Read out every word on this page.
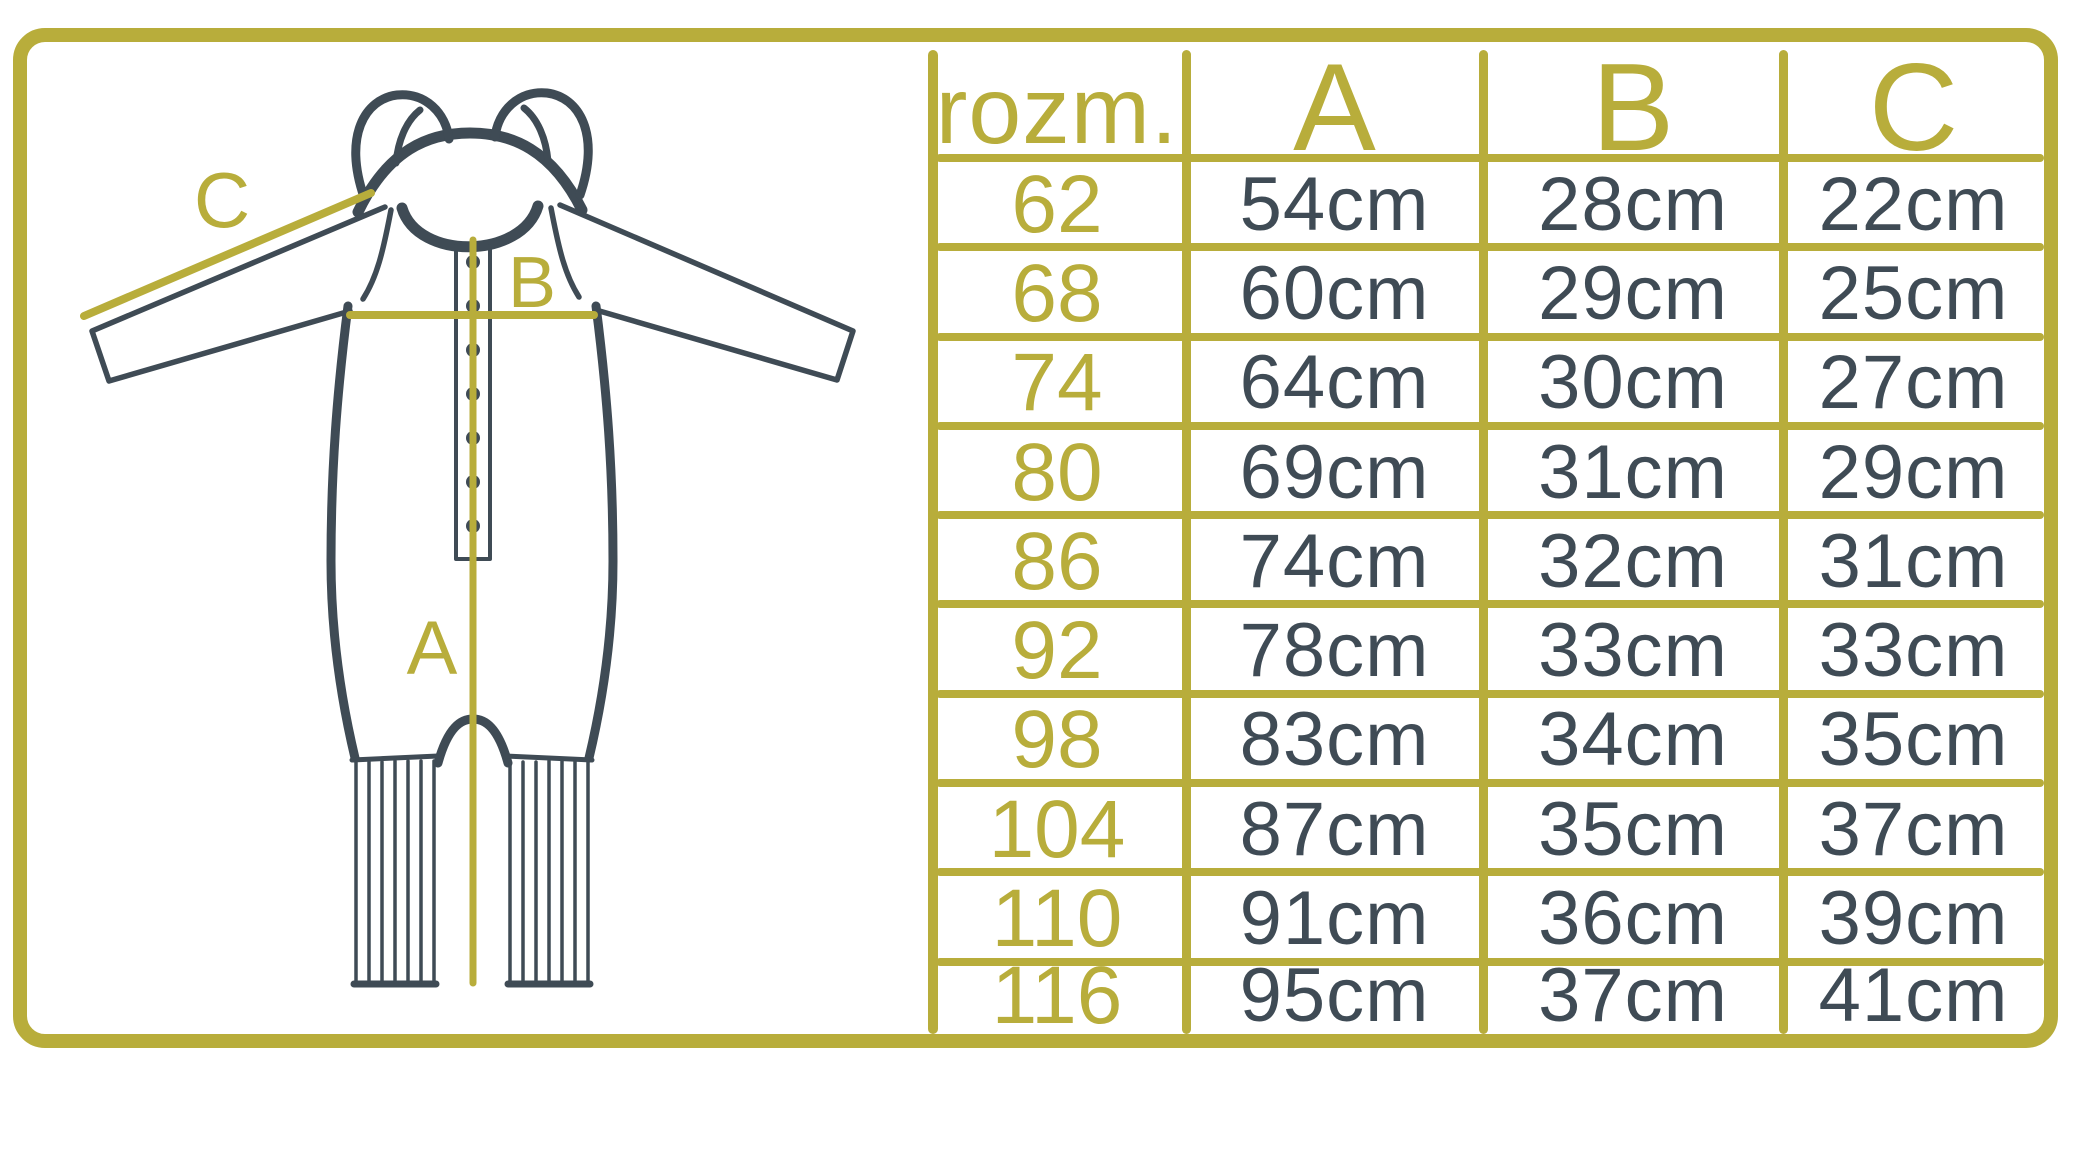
A
B
C
rozm. A	B	C
62	54cm	28cm	22cm
68	60cm	29cm	25cm
74	64cm	30cm	27cm
80	69cm	31cm	29cm
86	74cm	32cm	31cm
92	78cm	33cm	33cm
98	83cm	34cm	35cm
104	87cm	35cm	37cm
110	91cm	36cm	39cm
116	95cm	37cm	41cm
